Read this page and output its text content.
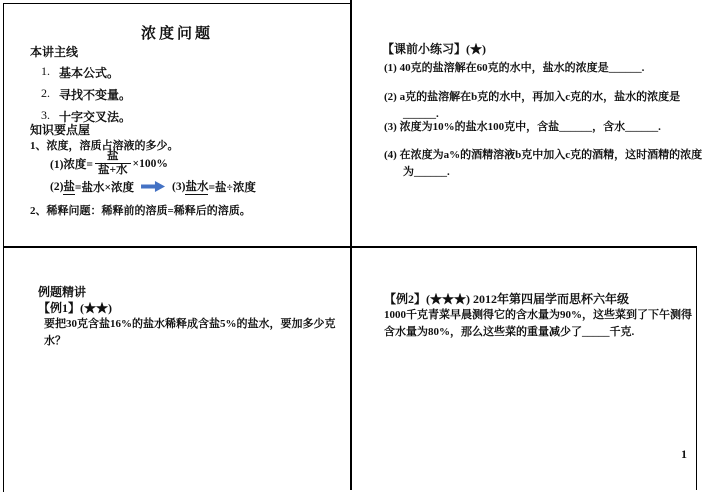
浓度问题
本讲主线
1. 基本公式。
2. 寻找不变量。
3. 十字交叉法。
知识要点屋
1、浓度，溶质占溶液的多少。
(1)浓度= $\frac{\text{盐}}{\text{盐+水}} \times 100\%$
(2) 盐 =盐水×浓度	(3) 盐水 =盐÷浓度
2、稀释问题：稀释前的溶质=稀释后的溶质。
【课前小练习】(★)
(1) 40克的盐溶解在60克的水中，盐水的浓度是______.
(2) a克的盐溶解在b克的水中，再加入c克的水，盐水的浓度是______.
(3) 浓度为10%的盐水100克中，含盐______，含水______.
(4) 在浓度为a%的酒精溶液b克中加入c克的酒精，这时酒精的浓度为______.
例题精讲
【例1】(★★)
要把30克含盐16%的盐水稀释成含盐5%的盐水，要加多少克水？
【例2】(★★★) 2012年第四届学而思杯六年级
1000千克青菜早晨测得它的含水量为90%，这些菜到了下午测得含水量为80%，那么这些菜的重量减少了_____千克.
1
